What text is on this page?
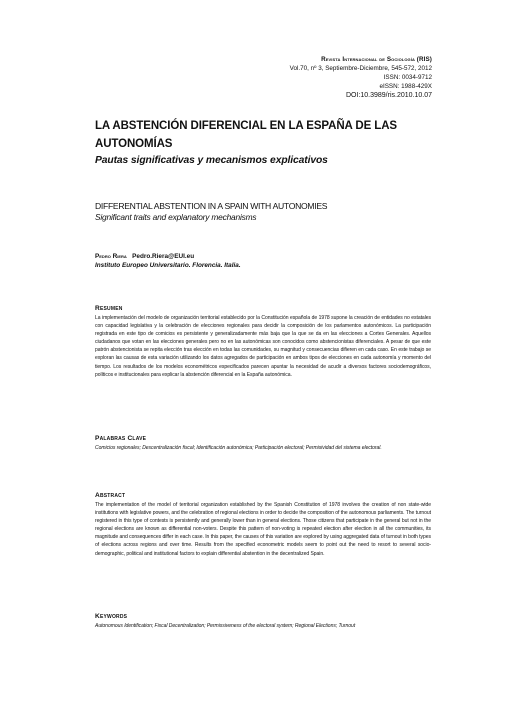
Revista Internacional de Sociología (RIS)
Vol.70, nº 3, Septiembre-Diciembre, 545-572, 2012
ISSN: 0034-9712
eISSN: 1988-429X
DOI:10.3989/ris.2010.10.07
LA ABSTENCIÓN DIFERENCIAL EN LA ESPAÑA DE LAS AUTONOMÍAS
Pautas significativas y mecanismos explicativos
DIFFERENTIAL ABSTENTION IN A SPAIN WITH AUTONOMIES
Significant traits and explanatory mechanisms
Pedro Riera Pedro.Riera@EUI.eu
Instituto Europeo Universitario. Florencia. Italia.
Resumen
La implementación del modelo de organización territorial establecido por la Constitución española de 1978 supone la creación de entidades no estatales con capacidad legislativa y la celebración de elecciones regionales para decidir la composición de los parlamentos autonómicos. La participación registrada en este tipo de comicios es persistente y generalizadamente más baja que la que se da en las elecciones a Cortes Generales. Aquellos ciudadanos que votan en las elecciones generales pero no en las autonómicas son conocidos como abstencionistas diferenciales. A pesar de que este patrón abstencionista se repita elección tras elección en todas las comunidades, su magnitud y consecuencias difieren en cada caso. En este trabajo se exploran las causas de esta variación utilizando los datos agregados de participación en ambos tipos de elecciones en cada autonomía y momento del tiempo. Los resultados de los modelos econométricos especificados parecen apuntar la necesidad de acudir a diversos factores sociodemográficos, políticos e institucionales para explicar la abstención diferencial en la España autonómica.
Palabras Clave
Comicios regionales; Descentralización fiscal; Identificación autonómica; Participación electoral; Permisividad del sistema electoral.
Abstract
The implementation of the model of territorial organization established by the Spanish Constitution of 1978 involves the creation of non state-wide institutions with legislative powers, and the celebration of regional elections in order to decide the composition of the autonomous parliaments. The turnout registered in this type of contests is persistently and generally lower than in general elections. Those citizens that participate in the general but not in the regional elections are known as differential non-voters. Despite this pattern of non-voting is repeated election after election in all the communities, its magnitude and consequences differ in each case. In this paper, the causes of this variation are explored by using aggregated data of turnout in both types of elections across regions and over time. Results from the specified econometric models seem to point out the need to resort to several socio-demographic, political and institutional factors to explain differential abstention in the decentralized Spain.
Keywords
Autonomous Identification; Fiscal Decentralization; Permissiveness of the electoral system; Regional Elections; Turnout
